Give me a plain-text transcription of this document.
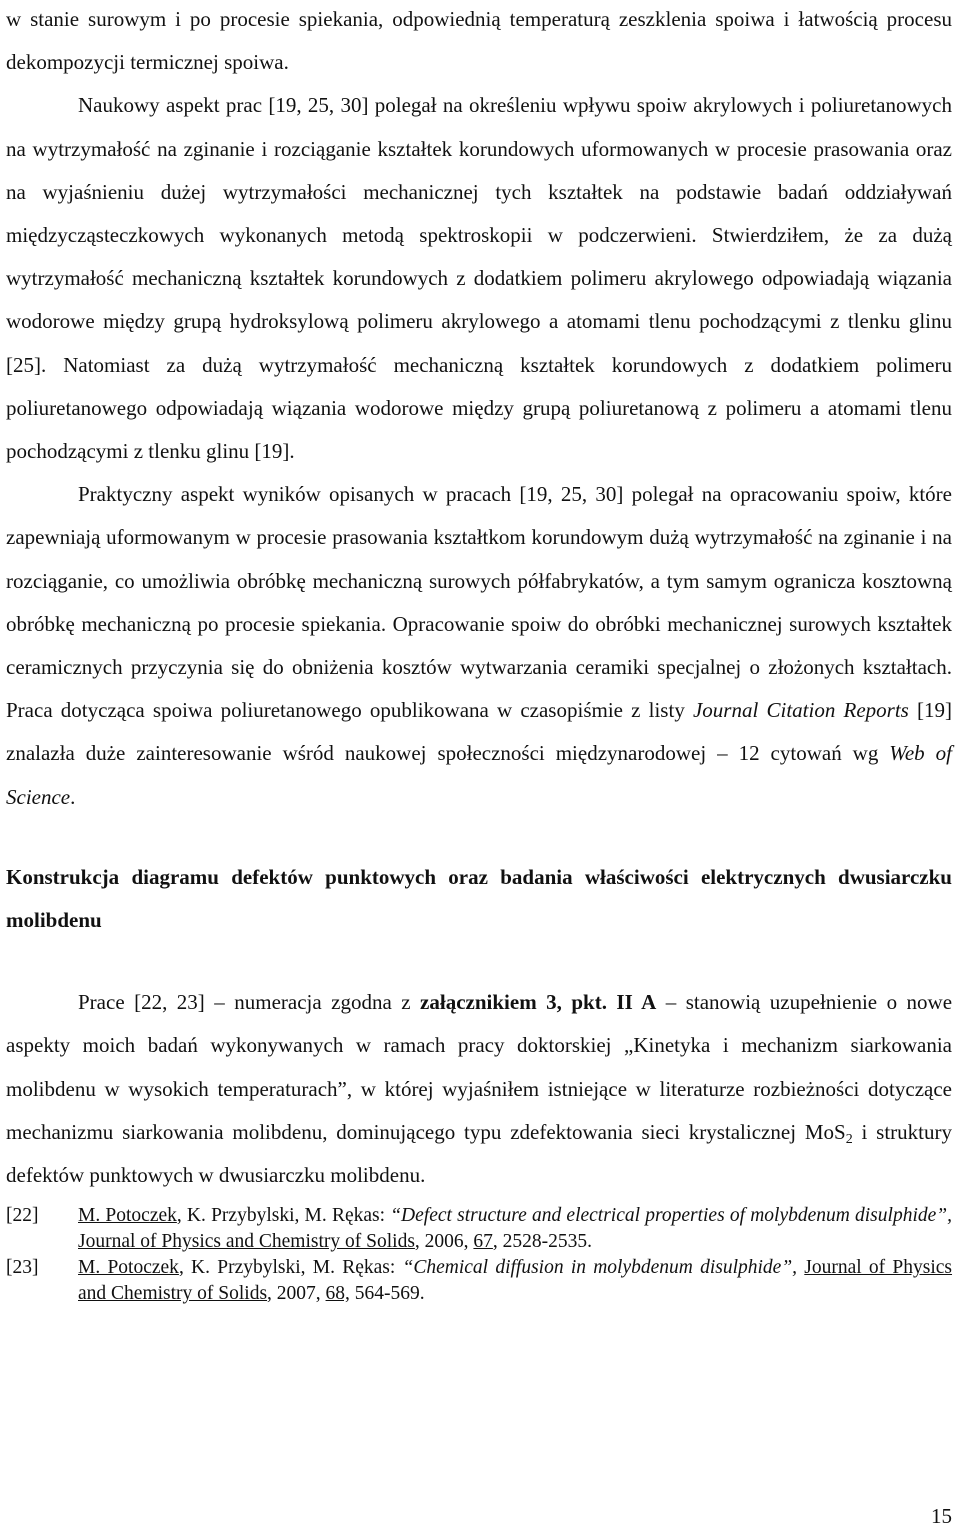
w stanie surowym i po procesie spiekania, odpowiednią temperaturą zeszklenia spoiwa i łatwością procesu dekompozycji termicznej spoiwa.

Naukowy aspekt prac [19, 25, 30] polegał na określeniu wpływu spoiw akrylowych i poliuretanowych na wytrzymałość na zginanie i rozciąganie kształtek korundowych uformowanych w procesie prasowania oraz na wyjaśnieniu dużej wytrzymałości mechanicznej tych kształtek na podstawie badań oddziaływań międzycząsteczkowych wykonanych metodą spektroskopii w podczerwieni. Stwierdziłem, że za dużą wytrzymałość mechaniczną kształtek korundowych z dodatkiem polimeru akrylowego odpowiadają wiązania wodorowe między grupą hydroksylową polimeru akrylowego a atomami tlenu pochodzącymi z tlenku glinu [25]. Natomiast za dużą wytrzymałość mechaniczną kształtek korundowych z dodatkiem polimeru poliuretanowego odpowiadają wiązania wodorowe między grupą poliuretanową z polimeru a atomami tlenu pochodzącymi z tlenku glinu [19].

Praktyczny aspekt wyników opisanych w pracach [19, 25, 30] polegał na opracowaniu spoiw, które zapewniają uformowanym w procesie prasowania kształtkom korundowym dużą wytrzymałość na zginanie i na rozciąganie, co umożliwia obróbkę mechaniczną surowych półfabrykatów, a tym samym ogranicza kosztowną obróbkę mechaniczną po procesie spiekania. Opracowanie spoiw do obróbki mechanicznej surowych kształtek ceramicznych przyczynia się do obniżenia kosztów wytwarzania ceramiki specjalnej o złożonych kształtach. Praca dotycząca spoiwa poliuretanowego opublikowana w czasopiśmie z listy Journal Citation Reports [19] znalazła duże zainteresowanie wśród naukowej społeczności międzynarodowej – 12 cytowań wg Web of Science.

Konstrukcja diagramu defektów punktowych oraz badania właściwości elektrycznych dwusiarczku molibdenu

Prace [22, 23] – numeracja zgodna z załącznikiem 3, pkt. II A – stanowią uzupełnienie o nowe aspekty moich badań wykonywanych w ramach pracy doktorskiej „Kinetyka i mechanizm siarkowania molibdenu w wysokich temperaturach”, w której wyjaśniłem istniejące w literaturze rozbieżności dotyczące mechanizmu siarkowania molibdenu, dominującego typu zdefektowania sieci krystalicznej MoS$_2$ i struktury defektów punktowych w dwusiarczku molibdenu.

[22]	M. Potoczek, K. Przybylski, M. Rękas: “Defect structure and electrical properties of molybdenum disulphide”, Journal of Physics and Chemistry of Solids, 2006, 67, 2528-2535.
[23]	M. Potoczek, K. Przybylski, M. Rękas: “Chemical diffusion in molybdenum disulphide”, Journal of Physics and Chemistry of Solids, 2007, 68, 564-569.
15
